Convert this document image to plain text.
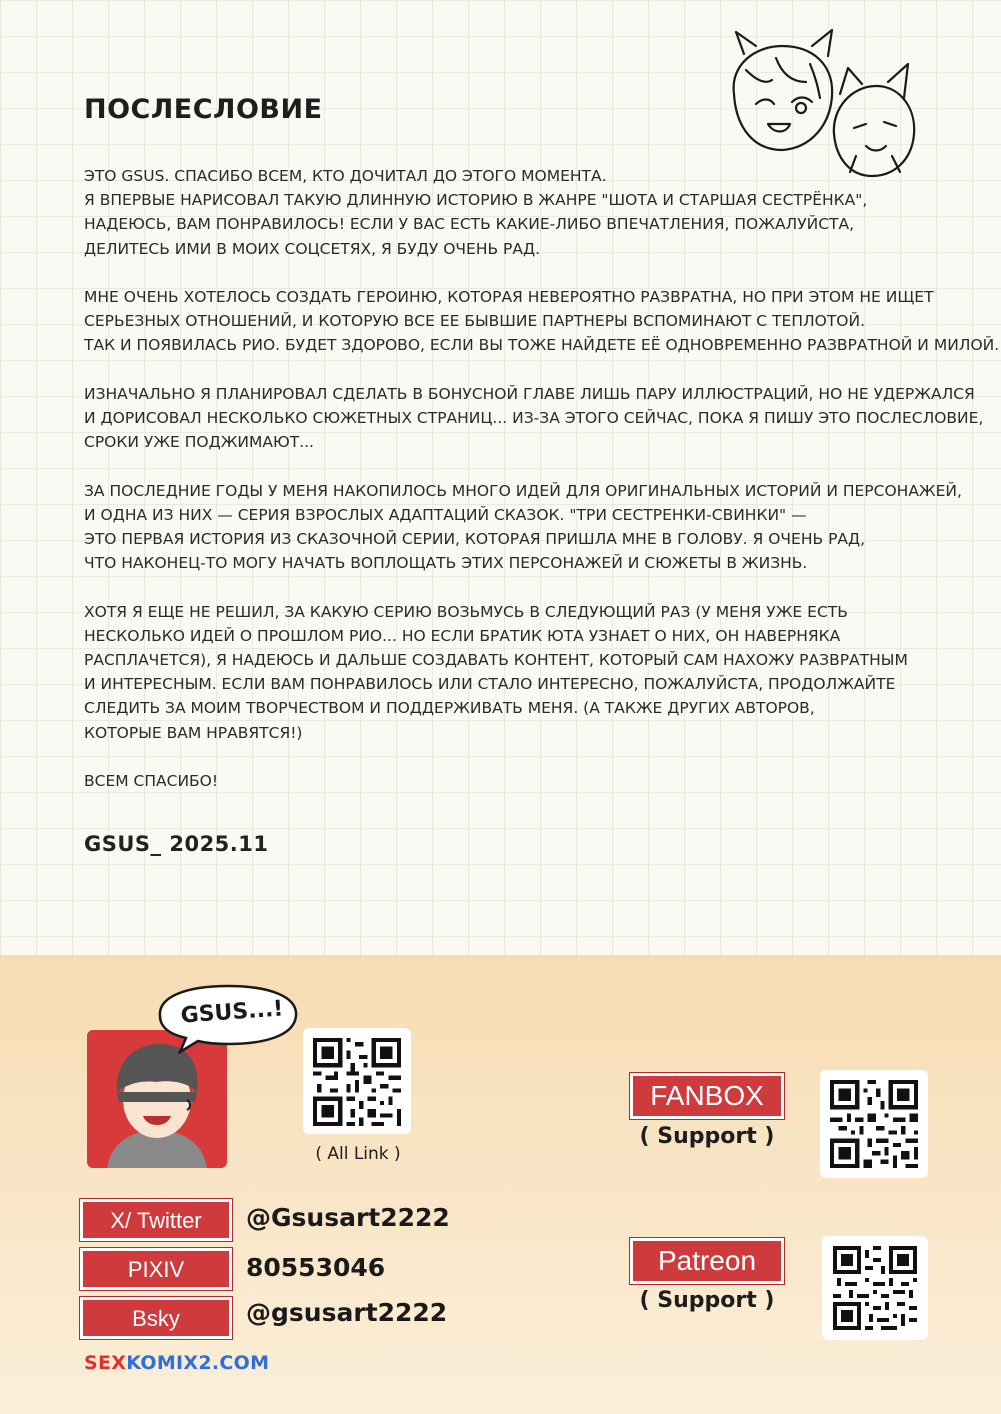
ПОСЛЕСЛОВИЕ

ЭТО GSUS. СПАСИБО ВСЕМ, КТО ДОЧИТАЛ ДО ЭТОГО МОМЕНТА.
Я ВПЕРВЫЕ НАРИСОВАЛ ТАКУЮ ДЛИННУЮ ИСТОРИЮ В ЖАНРЕ "ШОТА И СТАРШАЯ СЕСТРЁНКА",
НАДЕЮСЬ, ВАМ ПОНРАВИЛОСЬ! ЕСЛИ У ВАС ЕСТЬ КАКИЕ-ЛИБО ВПЕЧАТЛЕНИЯ, ПОЖАЛУЙСТА,
ДЕЛИТЕСЬ ИМИ В МОИХ СОЦСЕТЯХ, Я БУДУ ОЧЕНЬ РАД.

МНЕ ОЧЕНЬ ХОТЕЛОСЬ СОЗДАТЬ ГЕРОИНЮ, КОТОРАЯ НЕВЕРОЯТНО РАЗВРАТНА, НО ПРИ ЭТОМ НЕ ИЩЕТ
СЕРЬЕЗНЫХ ОТНОШЕНИЙ, И КОТОРУЮ ВСЕ ЕЕ БЫВШИЕ ПАРТНЕРЫ ВСПОМИНАЮТ С ТЕПЛОТОЙ.
ТАК И ПОЯВИЛАСЬ РИО. БУДЕТ ЗДОРОВО, ЕСЛИ ВЫ ТОЖЕ НАЙДЕТЕ ЕЁ ОДНОВРЕМЕННО РАЗВРАТНОЙ И МИЛОЙ.

ИЗНАЧАЛЬНО Я ПЛАНИРОВАЛ СДЕЛАТЬ В БОНУСНОЙ ГЛАВЕ ЛИШЬ ПАРУ ИЛЛЮСТРАЦИЙ, НО НЕ УДЕРЖАЛСЯ
И ДОРИСОВАЛ НЕСКОЛЬКО СЮЖЕТНЫХ СТРАНИЦ... ИЗ-ЗА ЭТОГО СЕЙЧАС, ПОКА Я ПИШУ ЭТО ПОСЛЕСЛОВИЕ,
СРОКИ УЖЕ ПОДЖИМАЮТ...

ЗА ПОСЛЕДНИЕ ГОДЫ У МЕНЯ НАКОПИЛОСЬ МНОГО ИДЕЙ ДЛЯ ОРИГИНАЛЬНЫХ ИСТОРИЙ И ПЕРСОНАЖЕЙ,
И ОДНА ИЗ НИХ — СЕРИЯ ВЗРОСЛЫХ АДАПТАЦИЙ СКАЗОК. "ТРИ СЕСТРЕНКИ-СВИНКИ" —
ЭТО ПЕРВАЯ ИСТОРИЯ ИЗ СКАЗОЧНОЙ СЕРИИ, КОТОРАЯ ПРИШЛА МНЕ В ГОЛОВУ. Я ОЧЕНЬ РАД,
ЧТО НАКОНЕЦ-ТО МОГУ НАЧАТЬ ВОПЛОЩАТЬ ЭТИХ ПЕРСОНАЖЕЙ И СЮЖЕТЫ В ЖИЗНЬ.

ХОТЯ Я ЕЩЕ НЕ РЕШИЛ, ЗА КАКУЮ СЕРИЮ ВОЗЬМУСЬ В СЛЕДУЮЩИЙ РАЗ (У МЕНЯ УЖЕ ЕСТЬ
НЕСКОЛЬКО ИДЕЙ О ПРОШЛОМ РИО... НО ЕСЛИ БРАТИК ЮТА УЗНАЕТ О НИХ, ОН НАВЕРНЯКА
РАСПЛАЧЕТСЯ), Я НАДЕЮСЬ И ДАЛЬШЕ СОЗДАВАТЬ КОНТЕНТ, КОТОРЫЙ САМ НАХОЖУ РАЗВРАТНЫМ
И ИНТЕРЕСНЫМ. ЕСЛИ ВАМ ПОНРАВИЛОСЬ ИЛИ СТАЛО ИНТЕРЕСНО, ПОЖАЛУЙСТА, ПРОДОЛЖАЙТЕ
СЛЕДИТЬ ЗА МОИМ ТВОРЧЕСТВОМ И ПОДДЕРЖИВАТЬ МЕНЯ. (А ТАКЖЕ ДРУГИХ АВТОРОВ,
КОТОРЫЕ ВАМ НРАВЯТСЯ!)

ВСЕМ СПАСИБО!

GSUS_ 2025.11
GSUS...!
( All Link )
X/ Twitter	@Gsusart2222
PIXIV	80553046
Bsky	@gsusart2222
FANBOX
( Support )
Patreon
( Support )
SEXKOMIX2.COM
